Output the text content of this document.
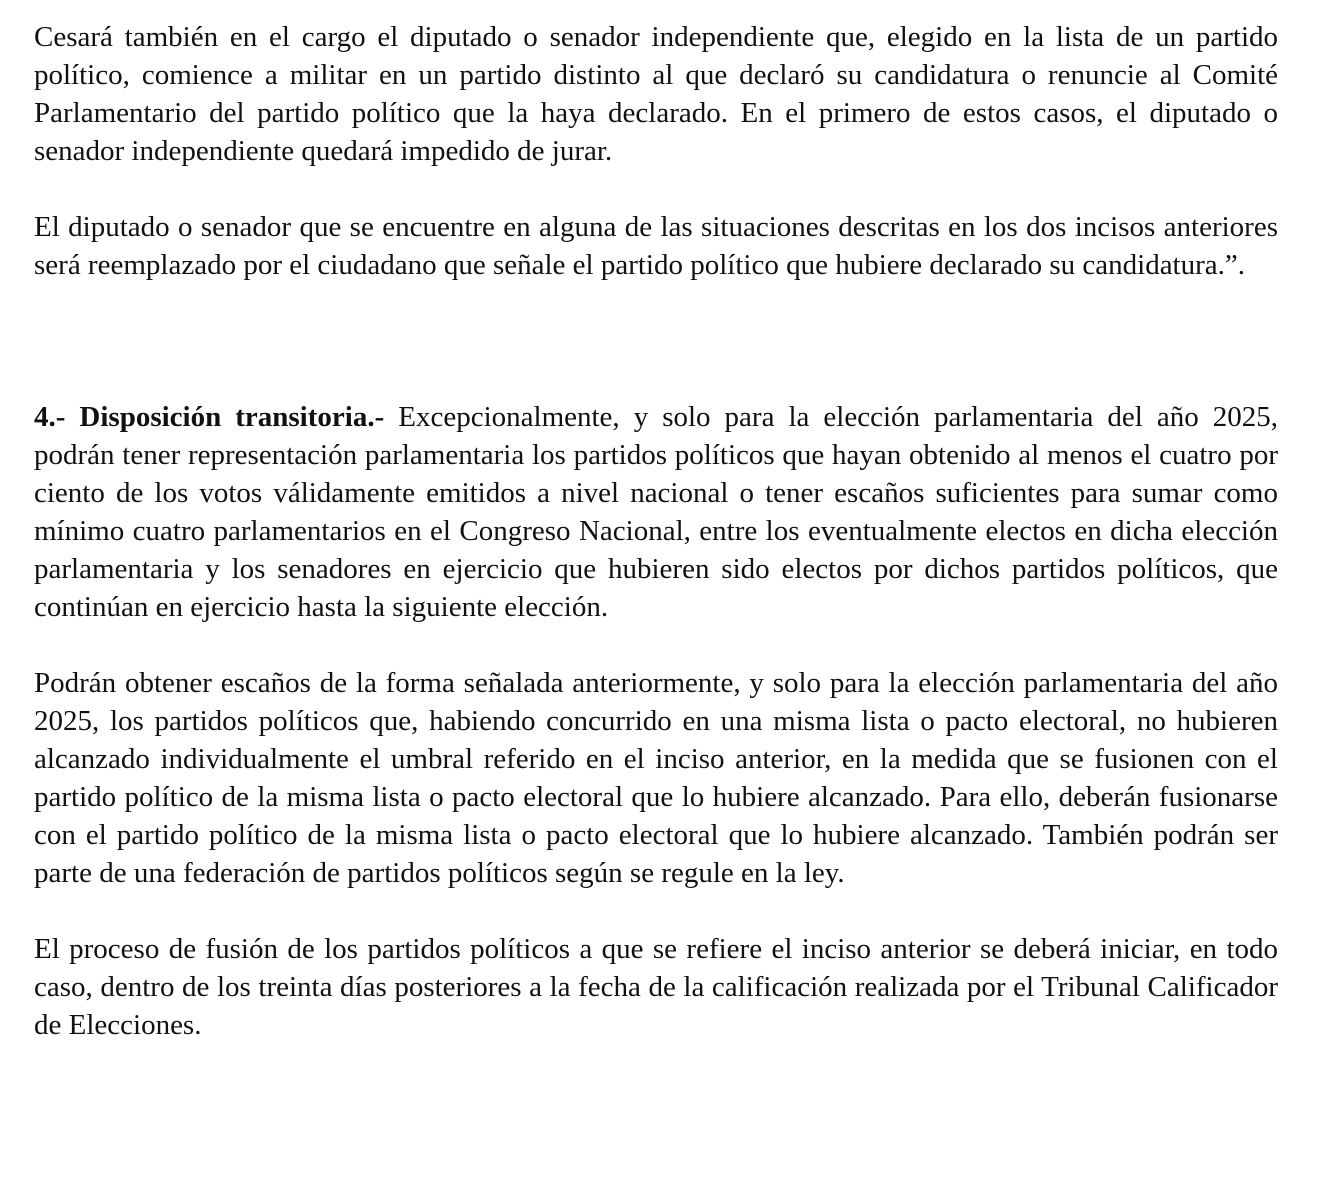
Cesará también en el cargo el diputado o senador independiente que, elegido en la lista de un partido político, comience a militar en un partido distinto al que declaró su candidatura o renuncie al Comité Parlamentario del partido político que la haya declarado. En el primero de estos casos, el diputado o senador independiente quedará impedido de jurar.

El diputado o senador que se encuentre en alguna de las situaciones descritas en los dos incisos anteriores será reemplazado por el ciudadano que señale el partido político que hubiere declarado su candidatura.”.

4.- Disposición transitoria.- Excepcionalmente, y solo para la elección parlamentaria del año 2025, podrán tener representación parlamentaria los partidos políticos que hayan obtenido al menos el cuatro por ciento de los votos válidamente emitidos a nivel nacional o tener escaños suficientes para sumar como mínimo cuatro parlamentarios en el Congreso Nacional, entre los eventualmente electos en dicha elección parlamentaria y los senadores en ejercicio que hubieren sido electos por dichos partidos políticos, que continúan en ejercicio hasta la siguiente elección.

Podrán obtener escaños de la forma señalada anteriormente, y solo para la elección parlamentaria del año 2025, los partidos políticos que, habiendo concurrido en una misma lista o pacto electoral, no hubieren alcanzado individualmente el umbral referido en el inciso anterior, en la medida que se fusionen con el partido político de la misma lista o pacto electoral que lo hubiere alcanzado. Para ello, deberán fusionarse con el partido político de la misma lista o pacto electoral que lo hubiere alcanzado. También podrán ser parte de una federación de partidos políticos según se regule en la ley.

El proceso de fusión de los partidos políticos a que se refiere el inciso anterior se deberá iniciar, en todo caso, dentro de los treinta días posteriores a la fecha de la calificación realizada por el Tribunal Calificador de Elecciones.
